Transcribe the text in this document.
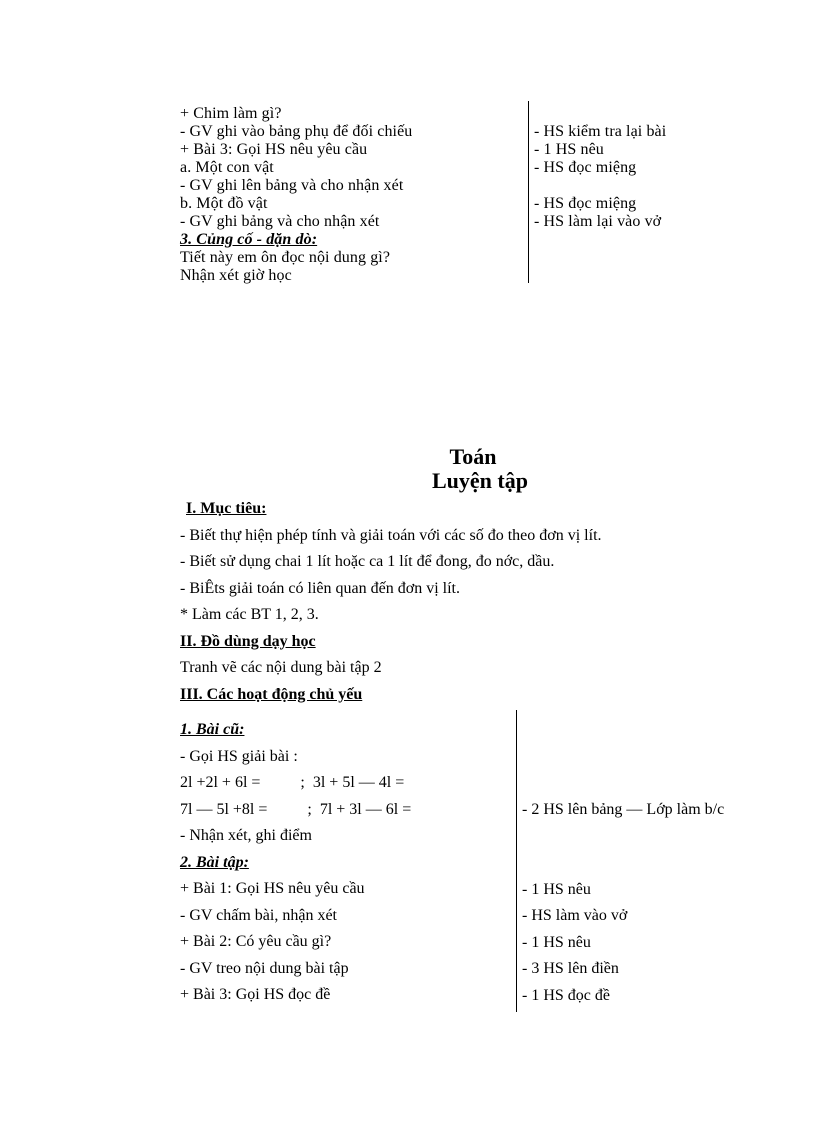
+ Chim làm gì?
- GV ghi vào bảng phụ để đối chiếu
+ Bài 3: Gọi HS nêu yêu cầu
a. Một con vật
- GV ghi lên bảng và cho nhận xét
b. Một đồ vật
- GV ghi bảng và cho nhận xét
3. Củng cố - dặn dò:
Tiết này em ôn đọc nội dung gì?
Nhận xét giờ học
- HS kiểm tra lại bài
- 1 HS nêu
- HS đọc miệng
- HS đọc miệng
- HS làm lại vào vở
Toán
Luyện tập
I. Mục tiêu:
- Biết thự hiện phép tính và giải toán với các số đo theo đơn vị lít.
- Biết sử dụng chai 1 lít hoặc ca 1 lít để đong, đo nớc, dầu.
- BiÊts giải toán có liên quan đến đơn vị lít.
* Làm các BT 1, 2, 3.
II. Đồ dùng dạy học
Tranh vẽ các nội dung bài tập 2
III. Các hoạt động chủ yếu
1. Bài cũ:
- Gọi HS giải bài :
2l +2l + 6l =          ;  3l + 5l — 4l =
7l — 5l +8l =          ;  7l + 3l — 6l =
- Nhận xét, ghi điểm
2. Bài tập:
+ Bài 1: Gọi HS nêu yêu cầu
- GV chấm bài, nhận xét
+ Bài 2: Có yêu cầu gì?
- GV treo nội dung bài tập
+ Bài 3: Gọi HS đọc đề
- 2 HS lên bảng — Lớp làm b/c
- 1 HS nêu
- HS làm vào vở
- 1 HS nêu
- 3 HS lên điền
- 1 HS đọc đề
